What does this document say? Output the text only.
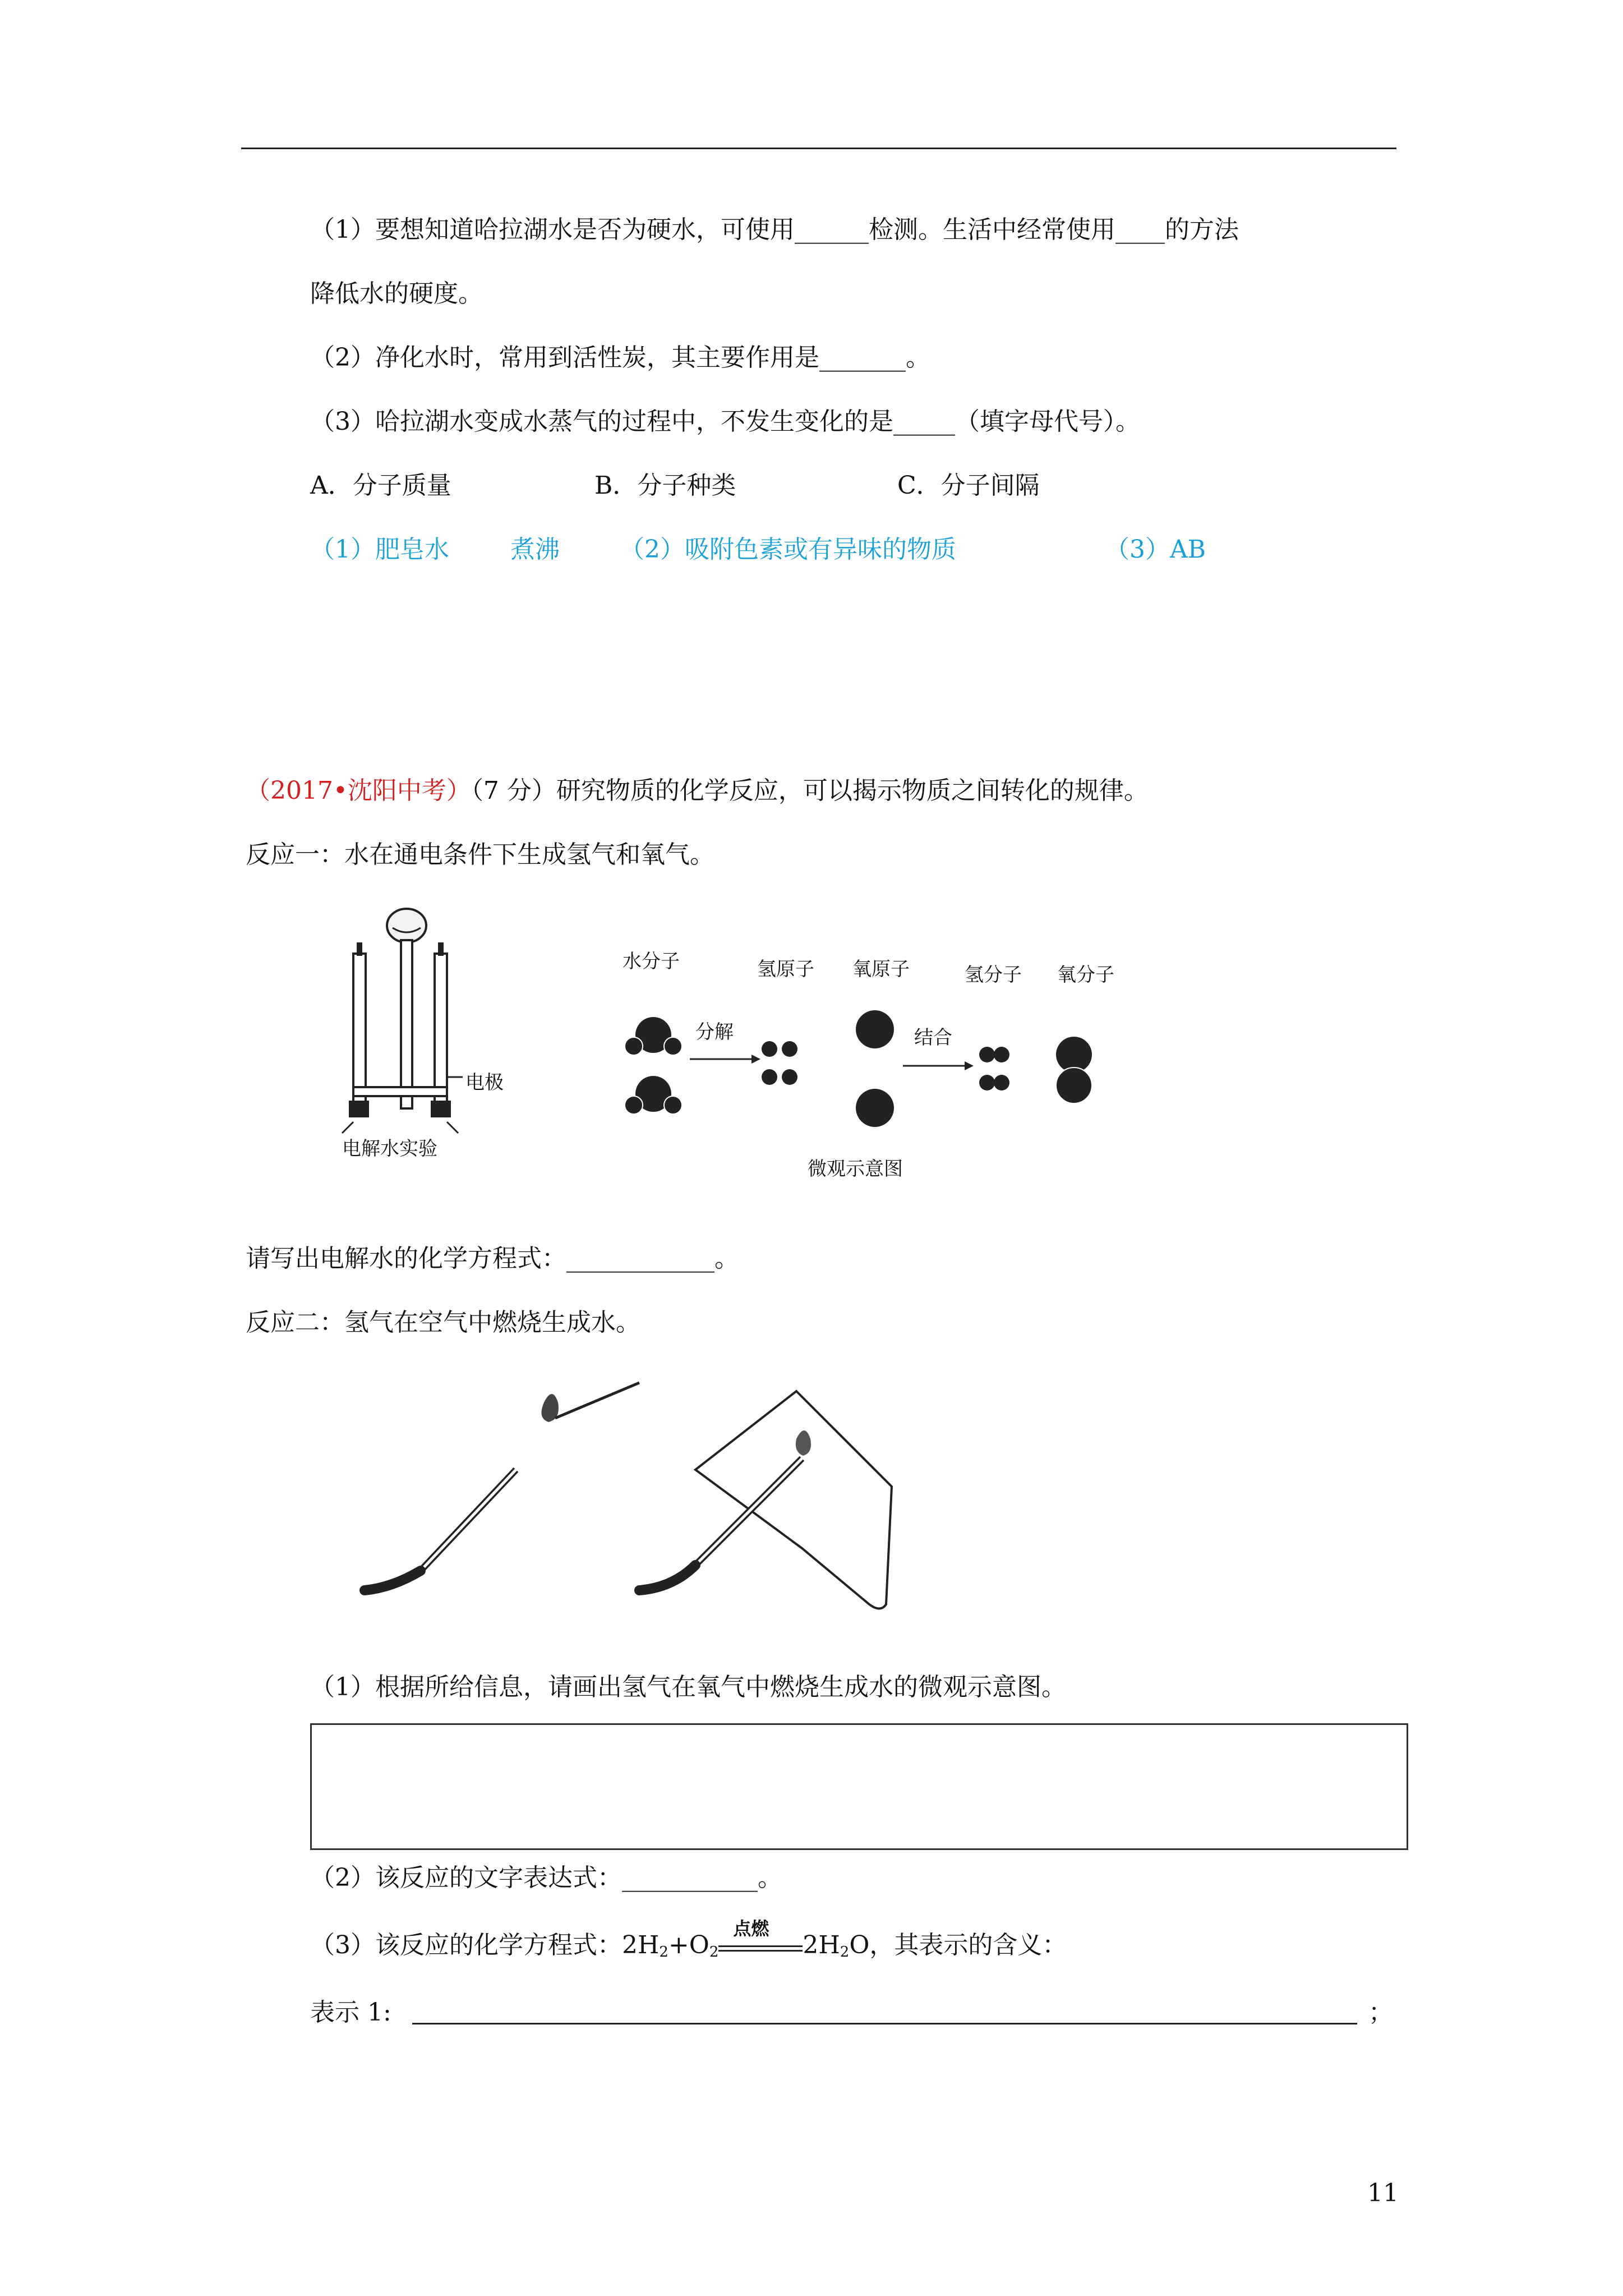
（1）要想知道哈拉湖水是否为硬水，可使用______检测。生活中经常使用____的方法
降低水的硬度。
（2）净化水时，常用到活性炭，其主要作用是_______。
（3）哈拉湖水变成水蒸气的过程中，不发生变化的是_____（填字母代号）。
A．分子质量	B．分子种类	C．分子间隔
（1）肥皂水 煮沸 （2）吸附色素或有异味的物质	（3）AB
（2017•沈阳中考）（7 分）研究物质的化学反应，可以揭示物质之间转化的规律。
反应一：水在通电条件下生成氢气和氧气。
电极
电解水实验
水分子	氢原子 氧原子	氢分子 氧分子
分解	结合
微观示意图
请写出电解水的化学方程式：____________。
反应二：氢气在空气中燃烧生成水。
（1）根据所给信息，请画出氢气在氧气中燃烧生成水的微观示意图。
（2）该反应的文字表达式：___________。
（3）该反应的化学方程式：$2H_2+O_2$
点燃
$2H_2O$，其表示的含义：
表示 1:	；
11
